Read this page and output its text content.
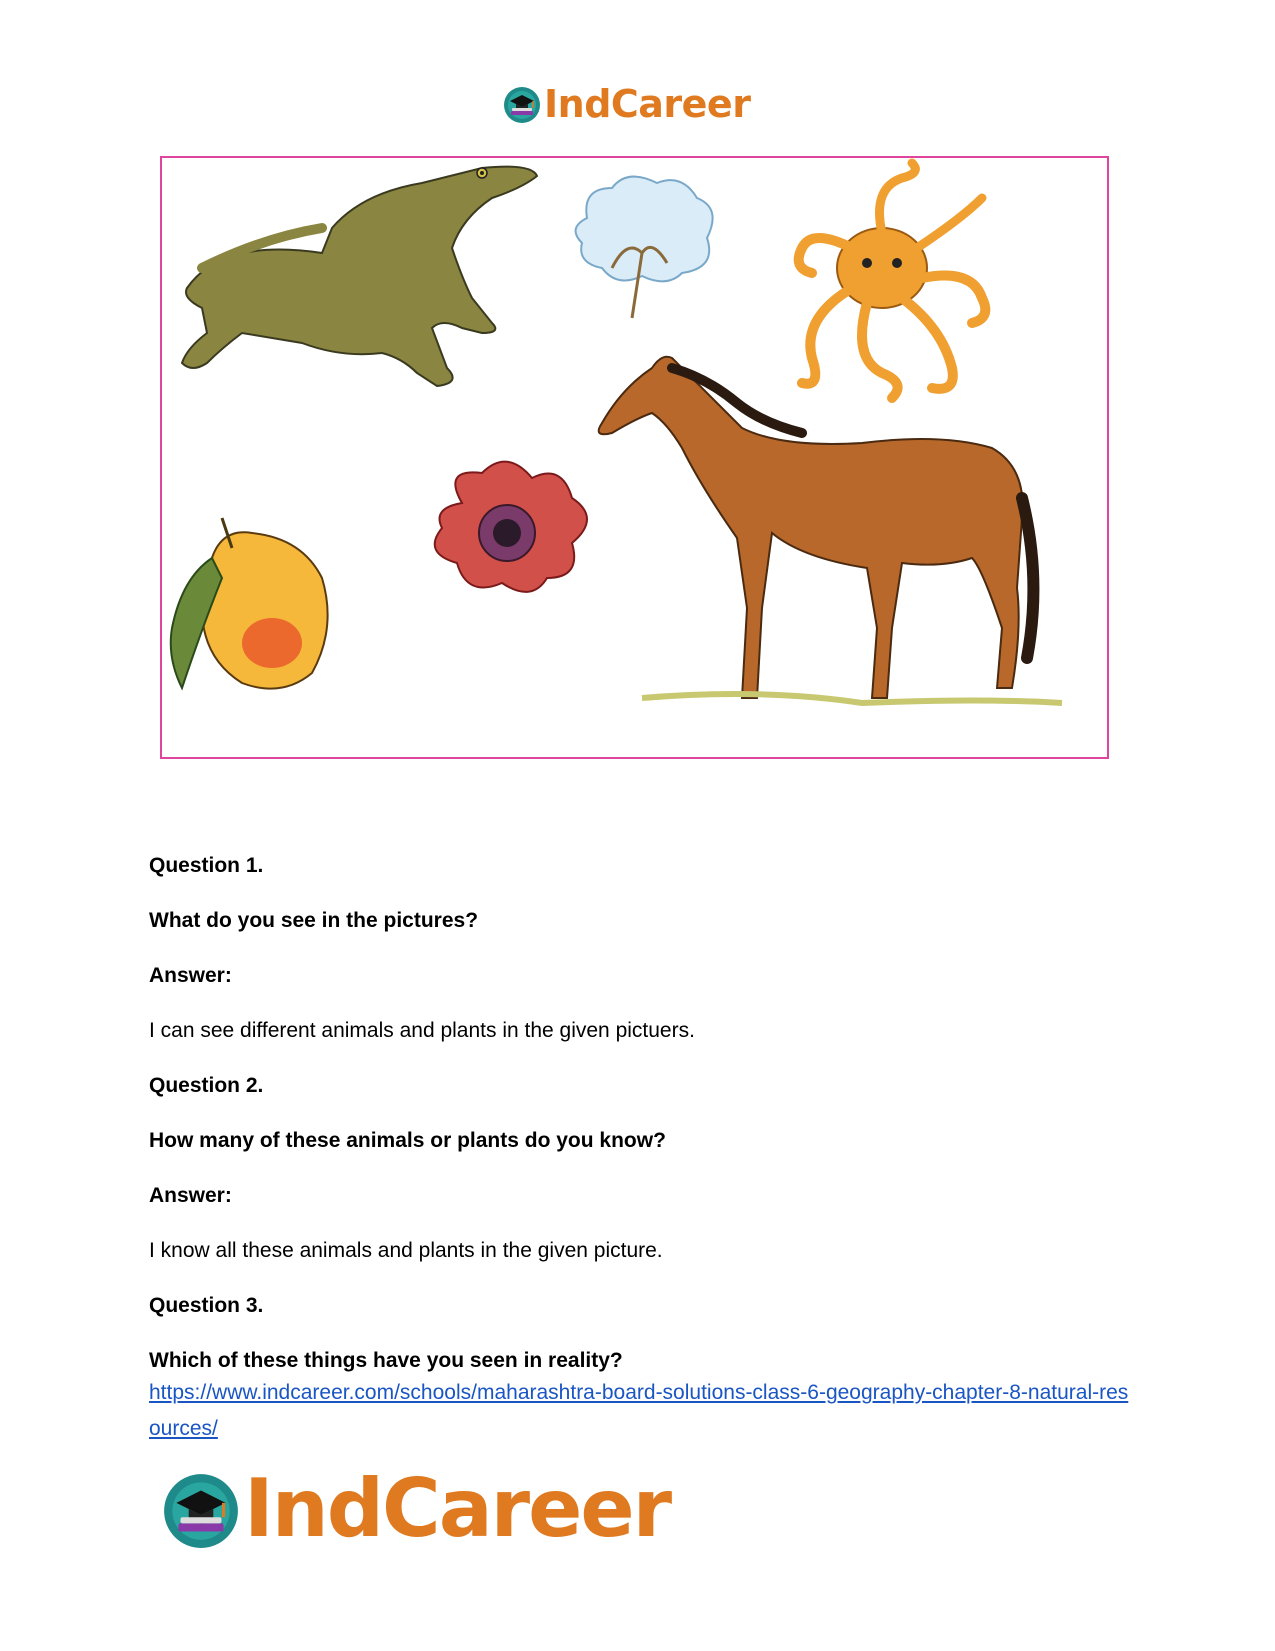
IndCareer

Question 1.

What do you see in the pictures?

Answer:

I can see different animals and plants in the given pictuers.

Question 2.

How many of these animals or plants do you know?

Answer:

I know all these animals and plants in the given picture.

Question 3.

Which of these things have you seen in reality?

https://www.indcareer.com/schools/maharashtra-board-solutions-class-6-geography-chapter-8-natural-resources/
IndCareer
